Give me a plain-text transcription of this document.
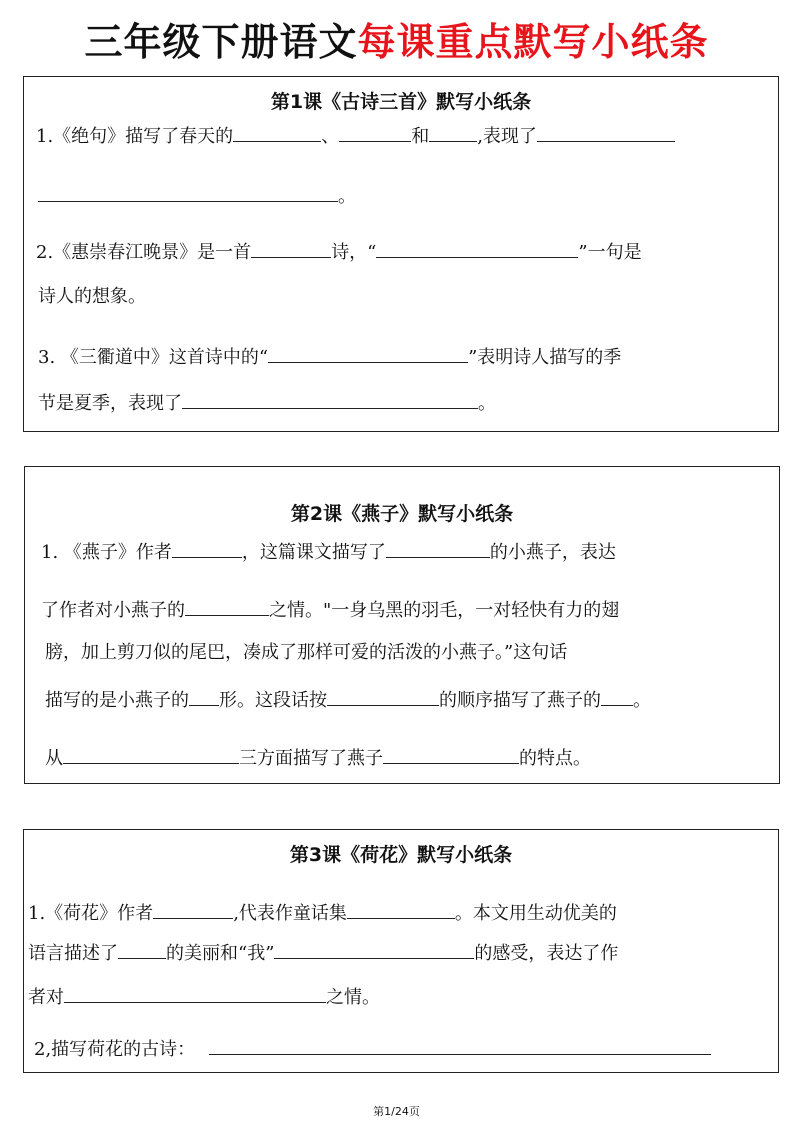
三年级下册语文每课重点默写小纸条
第1课《古诗三首》默写小纸条
1.《绝句》描写了春天的	、	和	,表现了
。
2.《惠崇春江晚景》是一首	诗，“	”一句是
诗人的想象。
3. 《三衢道中》这首诗中的“	”表明诗人描写的季
节是夏季，表现了	。
第2课《燕子》默写小纸条
1. 《燕子》作者	，这篇课文描写了	的小燕子，表达
了作者对小燕子的	之情。"一身乌黑的羽毛，一对轻快有力的翅
膀，加上剪刀似的尾巴，凑成了那样可爱的活泼的小燕子。”这句话
描写的是小燕子的 形。这段话按	的顺序描写了燕子的 。
从	三方面描写了燕子	的特点。
第3课《荷花》默写小纸条
1.《荷花》作者	,代表作童话集	。本文用生动优美的
语言描述了	的美丽和“我”	的感受，表达了作
者对	之情。
2,描写荷花的古诗：
第1/24页
